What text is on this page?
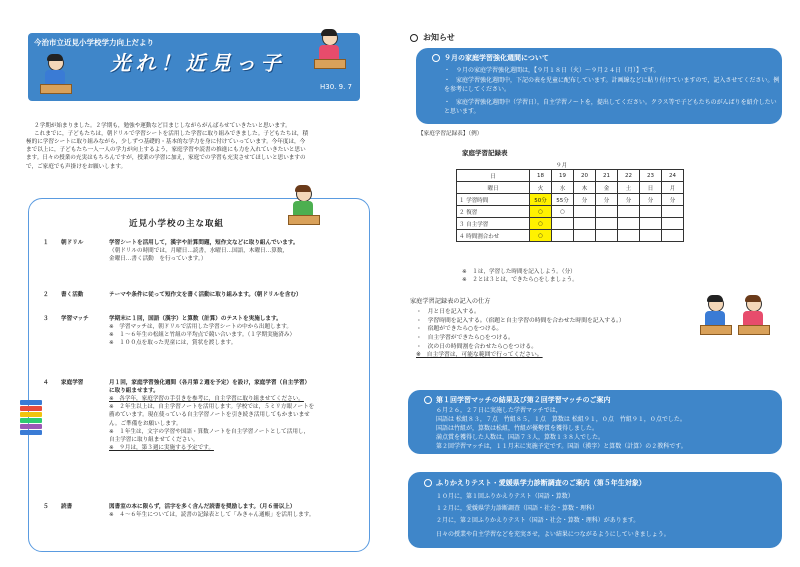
今治市立近見小学校学力向上だより
光れ！近見っ子
H30. 9. 7
２学期が始まりました。２学期も，勉強や運動など目まじしながらがんばらせていきたいと思います。
これまでに，子どもたちは，朝ドリルで学習シートを活用した学習に取り組みできました。子どもたちは，積
極的に学習シートに取り組みながら，少しずつ基礎的・基本的な学力を身に付けていっています。今年度は，今
まで以上に，子どもたち一人一人の学力が向上するよう，家庭学習や読書の推進にも力を入れていきたいと思い
ます。日々の授業の充実はもちろんですが，授業の学習に加え，家庭での学習も充実させてほしいと思いますの
で，ご家庭でも声掛けをお願いします。
近見小学校の主な取組
１ 朝ドリル	学習シートを活用して，漢字や計算問題，短作文などに取り組んでいます。
（朝ドリルの時間では，月曜日…読書，水曜日…国語，木曜日…算数，
金曜日…書く活動　を行っています。）
２ 書く活動	テーマや条件に従って短作文を書く活動に取り組みます。（朝ドリルを含む）
３ 学習マッチ	学期末に１回，国語（漢字）と算数（計算）のテストを実施します。
※　学習マッチは，朝ドリルで活用した学習シートの中から出題します。
※　１～６年生の松組と竹組の平均点で競い合います。（１学期実施済み）
※　１００点を取った児童には，賞状を渡します。
４ 家庭学習	月１回，家庭学習強化週間（各月第２週を予定）を設け，家庭学習（自主学習）
に取り組ませます。
※　各学年，家庭学習の手引きを参考に，自主学習に取り組ませてください。
※　２年生以上は，自主学習ノートを活用します。学校では，５ミリ方眼ノートを
薦めています。現在使っている自主学習ノートを引き続き活用してもかまいませ
ん。ご準備をお願いします。
※　１年生は，文字の学習や国語・算数ノートを自主学習ノートとして活用し，
自主学習に取り組ませてください。
※　９月は，第３週に実施する予定です。
５ 読書	図書室の本に限らず，活字を多く含んだ読書を奨励します。（月６冊以上）
※　４～６年生については，読書の記録表として「みきゃん通帳」を活用します。
お知らせ
９月の家庭学習強化週間について
・　９月の家庭学習強化週間は，【９月１８日（火）～９月２４日（月）】です。
・　家庭学習強化週間中，下記の表を児童に配布しています。計画線などに貼り付けていますので，記入させてください。例を参考にしてください。
・　家庭学習強化週間中（学習日），自主学習ノートを，提出してください。クラス等で子どもたちのがんばりを紹介したいと思います。
【家庭学習記録表】（例）
家庭学習記録表
９月
日	18	19	20	21	22	23	24
曜日	火	水	木	金	土	日	月
１ 学習時間	50分	55分	分	分	分	分	分
２ 復習	○	○					
３ 自主学習	○						
４ 時間割合わせ	○						
※　１は，学習した時間を記入しよう。（分）
※　２とは３とは，できたら○をしましょう。
家庭学習記録表の記入の仕方
・　月と日を記入する。
・　学習時間を記入する。（宿題と自主学習の時間を合わせた時間を記入する。）
・　宿題ができたら○をつける。
・　自主学習ができたら○をつける。
・　次の日の時間割を合わせたら○をつける。
※　自主学習は，可能な範囲で行ってください。
第１回学習マッチの結果及び第２回学習マッチのご案内
６月２６，２７日に実施した学習マッチでは，
国語は 松組８３，７点　竹組８５，１点　算数は 松組９１，０点　竹組９１，０点でした。
国語は竹組が，算数は松組，竹組が優勢賞を獲得しました。
満点賞を獲得した人数は，国語７３人，算数１３８人でした。
第２回学習マッチは，１１月末に実施予定です。国語（漢字）と算数（計算）の２教科です。
ふりかえりテスト・愛媛県学力診断調査のご案内（第５年生対象）
１０月に，第１回ふりかえりテスト（国語・算数）
１２月に，愛媛県学力診断調査（国語・社会・算数・理科）
２月に，第２回ふりかえりテスト（国語・社会・算数・理科）があります。
日々の授業や自主学習などを充実させ，よい結果につながるようにしていきましょう。
